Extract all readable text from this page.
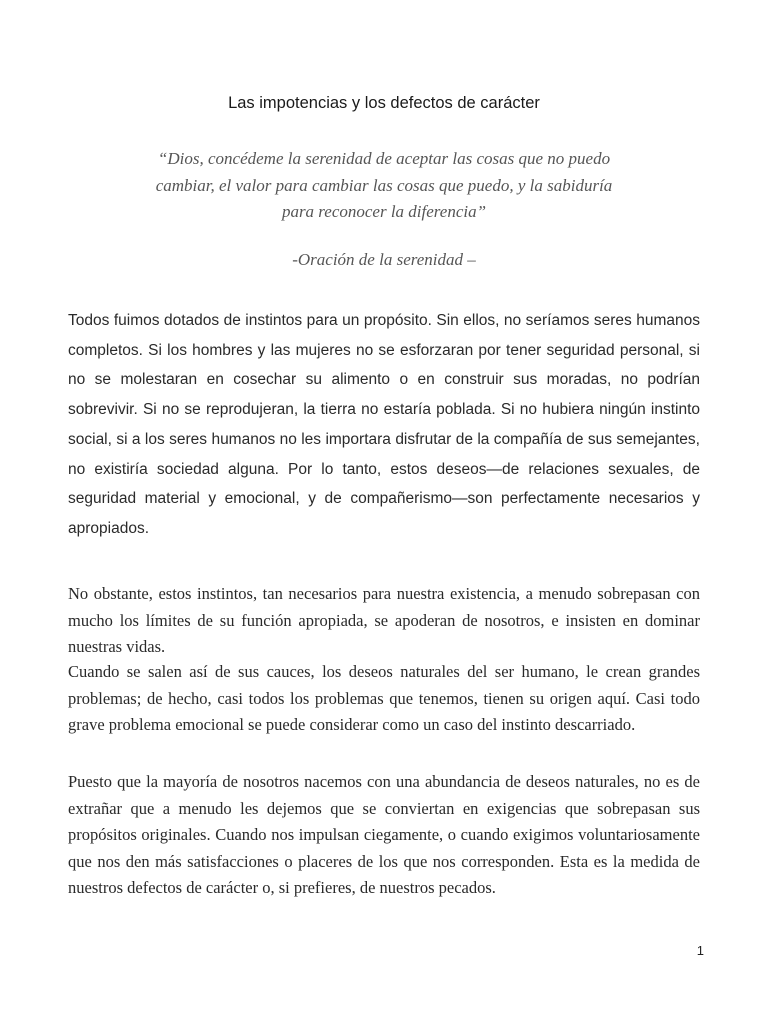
Las impotencias y los defectos de carácter
“Dios, concédeme la serenidad de aceptar las cosas que no puedo cambiar, el valor para cambiar las cosas que puedo, y la sabiduría para reconocer la diferencia”
-Oración de la serenidad –

Todos fuimos dotados de instintos para un propósito. Sin ellos, no seríamos seres humanos completos. Si los hombres y las mujeres no se esforzaran por tener seguridad personal, si no se molestaran en cosechar su alimento o en construir sus moradas, no podrían sobrevivir. Si no se reprodujeran, la tierra no estaría poblada. Si no hubiera ningún instinto social, si a los seres humanos no les importara disfrutar de la compañía de sus semejantes, no existiría sociedad alguna. Por lo tanto, estos deseos—de relaciones sexuales, de seguridad material y emocional, y de compañerismo—son perfectamente necesarios y apropiados.

No obstante, estos instintos, tan necesarios para nuestra existencia, a menudo sobrepasan con mucho los límites de su función apropiada, se apoderan de nosotros, e insisten en dominar nuestras vidas.

Cuando se salen así de sus cauces, los deseos naturales del ser humano, le crean grandes problemas; de hecho, casi todos los problemas que tenemos, tienen su origen aquí. Casi todo grave problema emocional se puede considerar como un caso del instinto descarriado.

Puesto que la mayoría de nosotros nacemos con una abundancia de deseos naturales, no es de extrañar que a menudo les dejemos que se conviertan en exigencias que sobrepasan sus propósitos originales. Cuando nos impulsan ciegamente, o cuando exigimos voluntariosamente que nos den más satisfacciones o placeres de los que nos corresponden. Esta es la medida de nuestros defectos de carácter o, si prefieres, de nuestros pecados.

1
